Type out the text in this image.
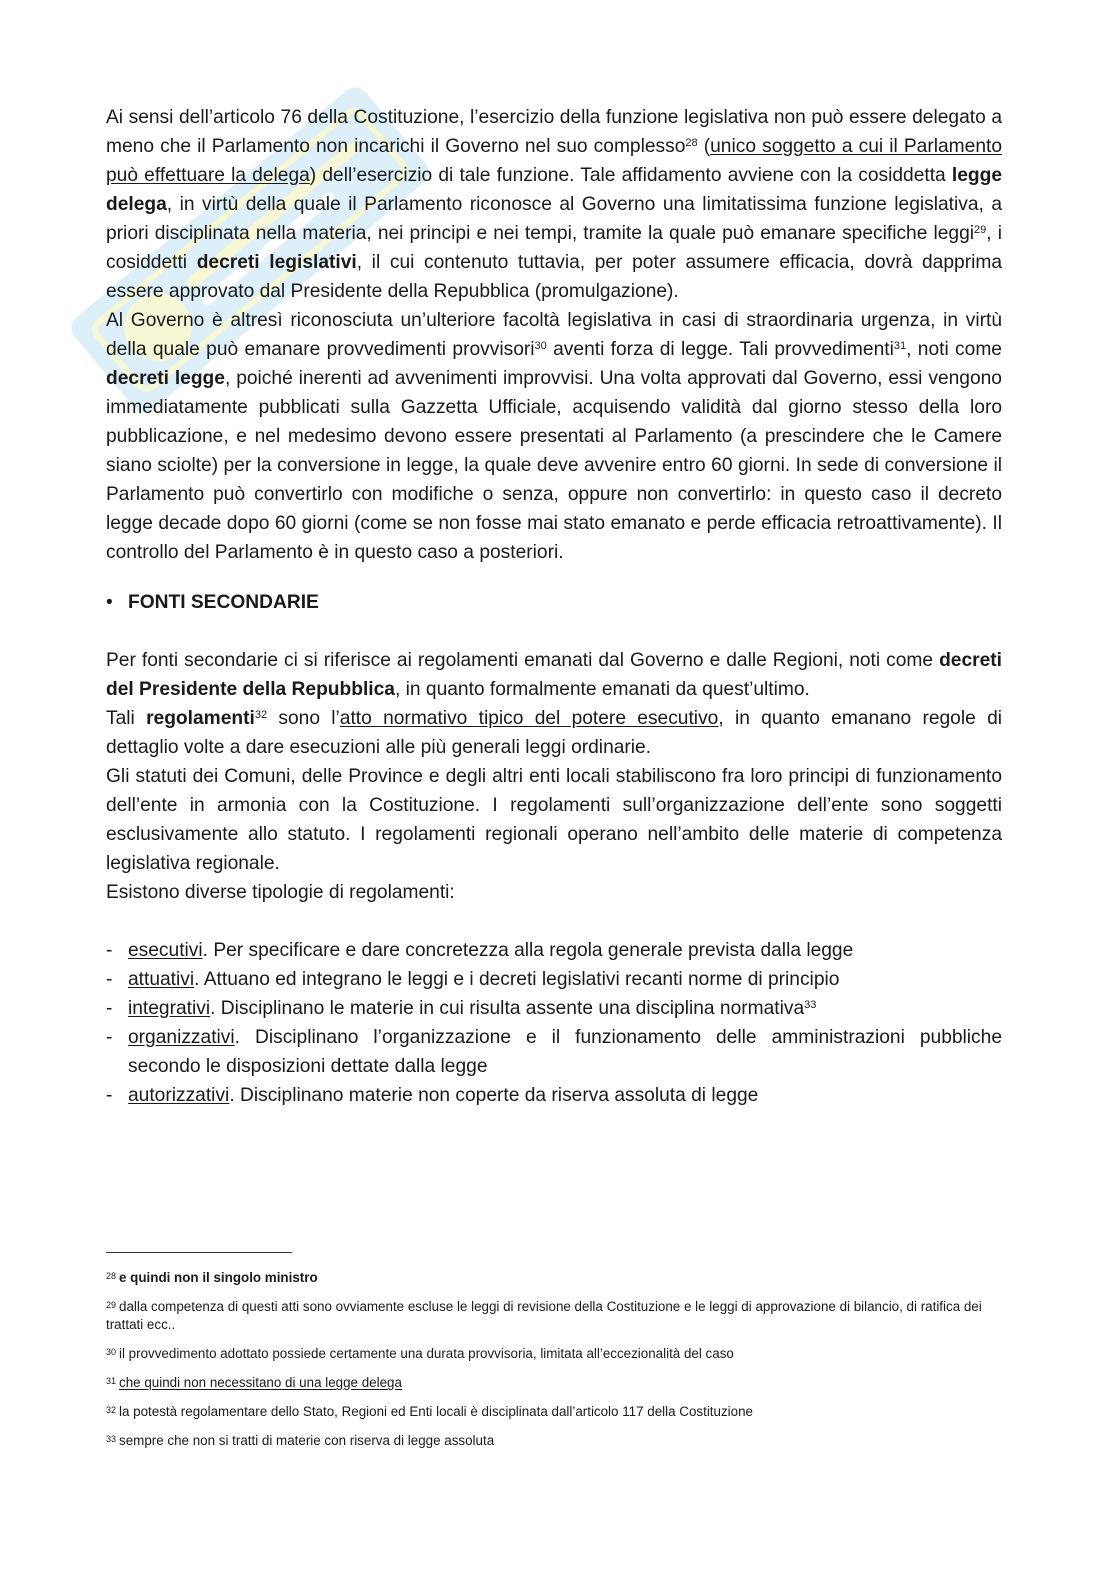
Ai sensi dell’articolo 76 della Costituzione, l’esercizio della funzione legislativa non può essere delegato a meno che il Parlamento non incarichi il Governo nel suo complesso$^{28}$ (unico soggetto a cui il Parlamento può effettuare la delega) dell’esercizio di tale funzione. Tale affidamento avviene con la cosiddetta legge delega, in virtù della quale il Parlamento riconosce al Governo una limitatissima funzione legislativa, a priori disciplinata nella materia, nei principi e nei tempi, tramite la quale può emanare specifiche leggi$^{29}$, i cosiddetti decreti legislativi, il cui contenuto tuttavia, per poter assumere efficacia, dovrà dapprima essere approvato dal Presidente della Repubblica (promulgazione).

Al Governo è altresì riconosciuta un’ulteriore facoltà legislativa in casi di straordinaria urgenza, in virtù della quale può emanare provvedimenti provvisori$^{30}$ aventi forza di legge. Tali provvedimenti$^{31}$, noti come decreti legge, poiché inerenti ad avvenimenti improvvisi. Una volta approvati dal Governo, essi vengono immediatamente pubblicati sulla Gazzetta Ufficiale, acquisendo validità dal giorno stesso della loro pubblicazione, e nel medesimo devono essere presentati al Parlamento (a prescindere che le Camere siano sciolte) per la conversione in legge, la quale deve avvenire entro 60 giorni. In sede di conversione il Parlamento può convertirlo con modifiche o senza, oppure non convertirlo: in questo caso il decreto legge decade dopo 60 giorni (come se non fosse mai stato emanato e perde efficacia retroattivamente). Il controllo del Parlamento è in questo caso a posteriori.

• FONTI SECONDARIE

Per fonti secondarie ci si riferisce ai regolamenti emanati dal Governo e dalle Regioni, noti come decreti del Presidente della Repubblica, in quanto formalmente emanati da quest’ultimo.

Tali regolamenti$^{32}$ sono l’atto normativo tipico del potere esecutivo, in quanto emanano regole di dettaglio volte a dare esecuzioni alle più generali leggi ordinarie.

Gli statuti dei Comuni, delle Province e degli altri enti locali stabiliscono fra loro principi di funzionamento dell’ente in armonia con la Costituzione. I regolamenti sull’organizzazione dell’ente sono soggetti esclusivamente allo statuto. I regolamenti regionali operano nell’ambito delle materie di competenza legislativa regionale.

Esistono diverse tipologie di regolamenti:

- esecutivi. Per specificare e dare concretezza alla regola generale prevista dalla legge
- attuativi. Attuano ed integrano le leggi e i decreti legislativi recanti norme di principio
- integrativi. Disciplinano le materie in cui risulta assente una disciplina normativa$^{33}$
- organizzativi. Disciplinano l’organizzazione e il funzionamento delle amministrazioni pubbliche secondo le disposizioni dettate dalla legge
- autorizzativi. Disciplinano materie non coperte da riserva assoluta di legge
$^{28}$ e quindi non il singolo ministro
$^{29}$ dalla competenza di questi atti sono ovviamente escluse le leggi di revisione della Costituzione e le leggi di approvazione di bilancio, di ratifica dei trattati ecc..
$^{30}$ il provvedimento adottato possiede certamente una durata provvisoria, limitata all’eccezionalità del caso
$^{31}$ che quindi non necessitano di una legge delega
$^{32}$ la potestà regolamentare dello Stato, Regioni ed Enti locali è disciplinata dall’articolo 117 della Costituzione
$^{33}$ sempre che non si tratti di materie con riserva di legge assoluta
